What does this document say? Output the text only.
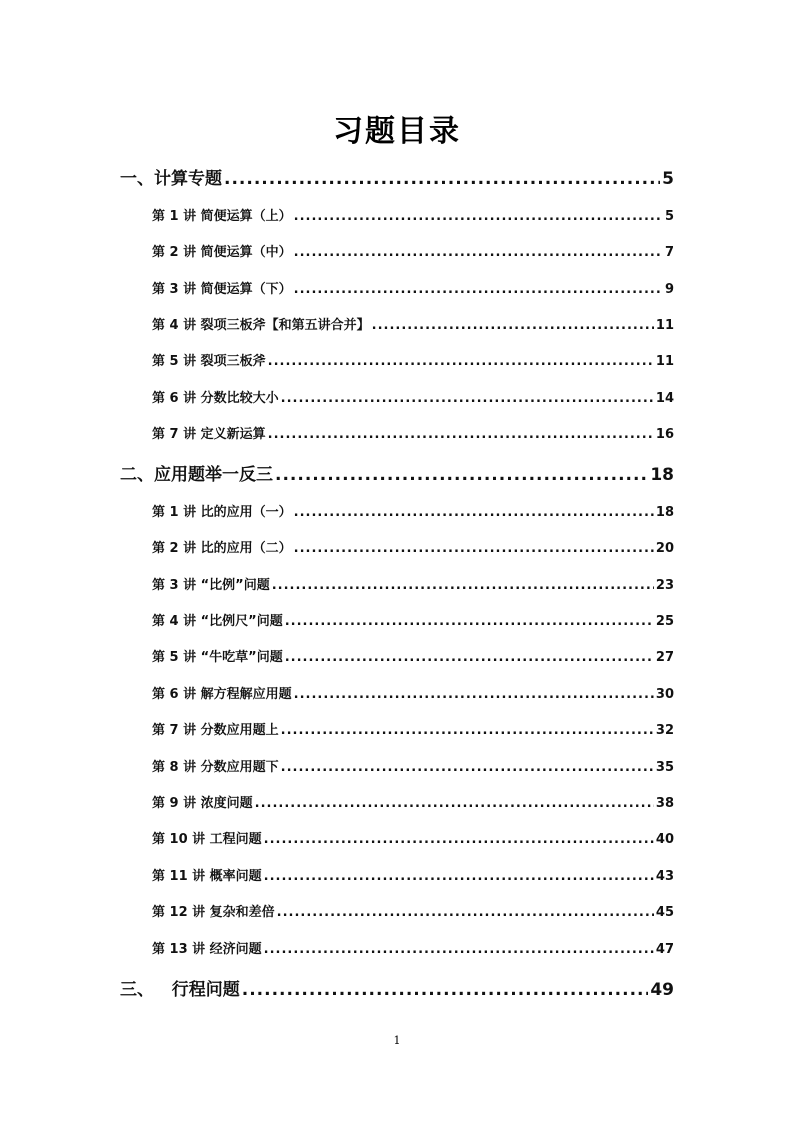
习题目录
一、计算专题 .....	5
第 1 讲 简便运算（上） .....	5
第 2 讲 简便运算（中） .....	7
第 3 讲 简便运算（下） .....	9
第 4 讲 裂项三板斧【和第五讲合并】 .....	11
第 5 讲 裂项三板斧 .....	11
第 6 讲 分数比较大小 .....	14
第 7 讲 定义新运算 .....	16
二、应用题举一反三 .....	18
第 1 讲 比的应用（一） .....	18
第 2 讲 比的应用（二） .....	20
第 3 讲 “比例”问题 .....	23
第 4 讲 “比例尺”问题 .....	25
第 5 讲 “牛吃草”问题 .....	27
第 6 讲 解方程解应用题 .....	30
第 7 讲 分数应用题上 .....	32
第 8 讲 分数应用题下 .....	35
第 9 讲 浓度问题 .....	38
第 10 讲 工程问题 .....	40
第 11 讲 概率问题 .....	43
第 12 讲 复杂和差倍 .....	45
第 13 讲 经济问题 .....	47
三、   行程问题 .....	49
1
